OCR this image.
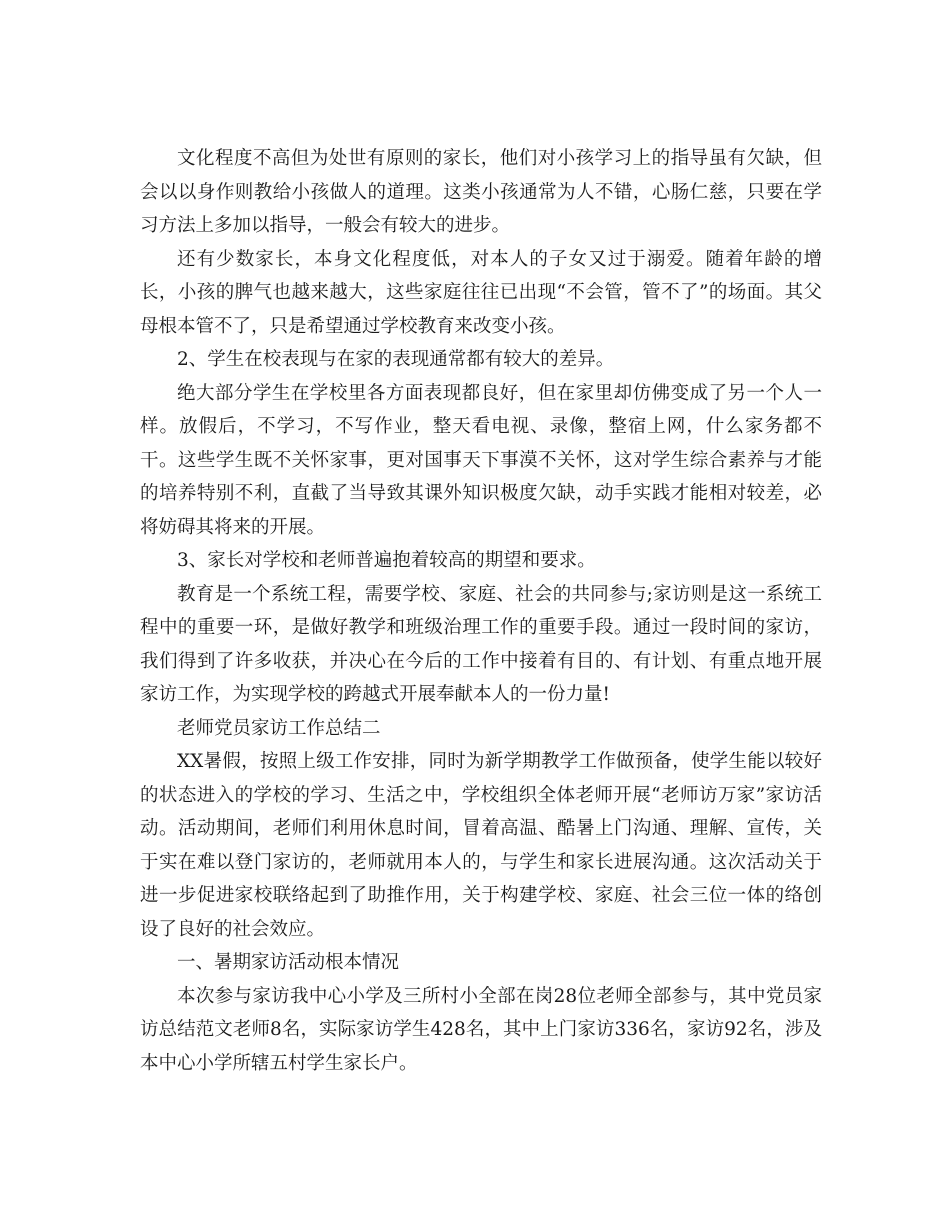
文化程度不高但为处世有原则的家长，他们对小孩学习上的指导虽有欠缺，但会以以身作则教给小孩做人的道理。这类小孩通常为人不错，心肠仁慈，只要在学习方法上多加以指导，一般会有较大的进步。

还有少数家长，本身文化程度低，对本人的子女又过于溺爱。随着年龄的增长，小孩的脾气也越来越大，这些家庭往往已出现“不会管，管不了”的场面。其父母根本管不了，只是希望通过学校教育来改变小孩。

2、学生在校表现与在家的表现通常都有较大的差异。

绝大部分学生在学校里各方面表现都良好，但在家里却仿佛变成了另一个人一样。放假后，不学习，不写作业，整天看电视、录像，整宿上网，什么家务都不干。这些学生既不关怀家事，更对国事天下事漠不关怀，这对学生综合素养与才能的培养特别不利，直截了当导致其课外知识极度欠缺，动手实践才能相对较差，必将妨碍其将来的开展。

3、家长对学校和老师普遍抱着较高的期望和要求。

教育是一个系统工程，需要学校、家庭、社会的共同参与;家访则是这一系统工程中的重要一环，是做好教学和班级治理工作的重要手段。通过一段时间的家访，我们得到了许多收获，并决心在今后的工作中接着有目的、有计划、有重点地开展家访工作，为实现学校的跨越式开展奉献本人的一份力量!

老师党员家访工作总结二

XX暑假，按照上级工作安排，同时为新学期教学工作做预备，使学生能以较好的状态进入的学校的学习、生活之中，学校组织全体老师开展“老师访万家”家访活动。活动期间，老师们利用休息时间，冒着高温、酷暑上门沟通、理解、宣传，关于实在难以登门家访的，老师就用本人的，与学生和家长进展沟通。这次活动关于进一步促进家校联络起到了助推作用，关于构建学校、家庭、社会三位一体的络创设了良好的社会效应。

一、暑期家访活动根本情况

本次参与家访我中心小学及三所村小全部在岗28位老师全部参与，其中党员家访总结范文老师8名，实际家访学生428名，其中上门家访336名，家访92名，涉及本中心小学所辖五村学生家长户。
